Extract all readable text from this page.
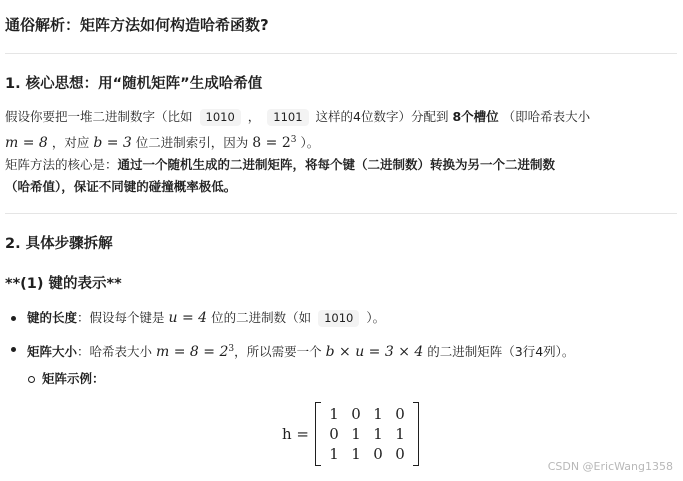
通俗解析：矩阵方法如何构造哈希函数?
1. 核心思想：用“随机矩阵”生成哈希值
假设你要把一堆二进制数字（比如 1010 ， 1101 这样的4位数字）分配到 8个槽位 （即哈希表大小
m = 8 ，对应 b = 3 位二进制索引，因为 $8 = 2^3$ ）。
矩阵方法的核心是：通过一个随机生成的二进制矩阵，将每个键（二进制数）转换为另一个二进制数
（哈希值），保证不同键的碰撞概率极低。
2. 具体步骤拆解
**(1) 键的表示**
键的长度：假设每个键是 u = 4 位的二进制数（如 1010 ）。
矩阵大小：哈希表大小 $m = 8 = 2^3$，所以需要一个 b × u = 3 × 4 的二进制矩阵（3行4列）。
矩阵示例：
h =
1 0 1 0
0 1 1 1
1 1 0 0
CSDN @EricWang1358
